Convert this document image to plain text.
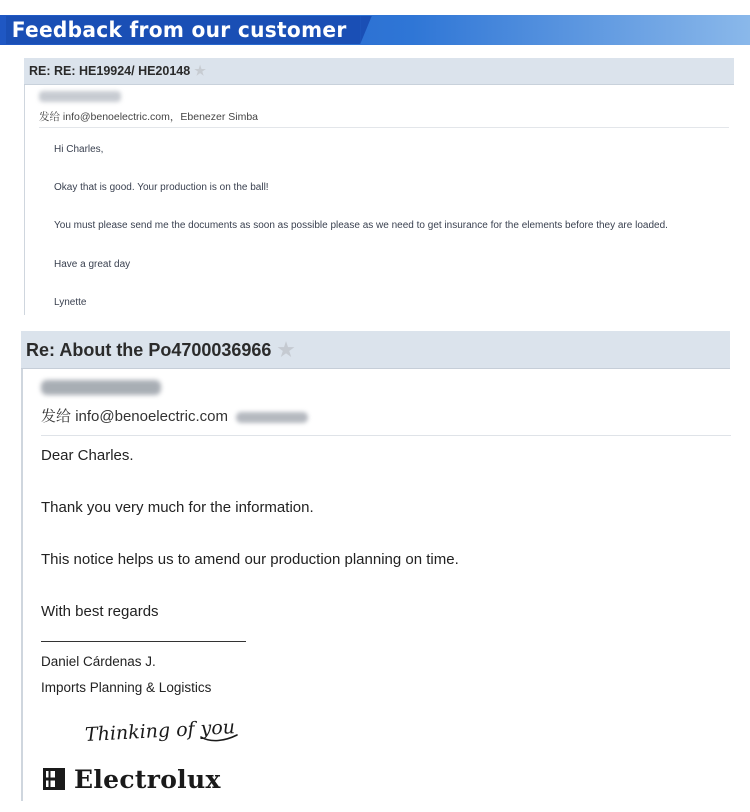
Feedback from our customer
RE: RE: HE19924/ HE20148 ★
发给 info@benoelectric.com，Ebenezer Simba
Hi Charles,
Okay that is good. Your production is on the ball!
You must please send me the documents as soon as possible please as we need to get insurance for the elements before they are loaded.
Have a great day
Lynette
Re: About the Po4700036966 ★
发给 info@benoelectric.com
Dear Charles.
Thank you very much for the information.
This notice helps us to amend our production planning on time.
With best regards
Daniel Cárdenas J.
Imports Planning & Logistics
Thinking of you
Electrolux
